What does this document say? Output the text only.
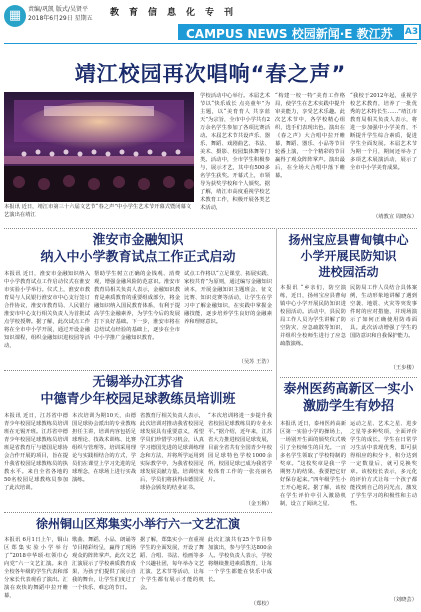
▦	责编/巩凯 版式/吴贤平
2018年6月29日 星期五
教育信息化专刊
CAMPUS NEWS 校园新闻·E 教江苏 A3
靖江校园再次唱响“春之声”
本报讯 近日，靖江市第三十六届文艺节“春之声”中小学生艺术节开幕式暨闭幕文艺演出在靖江
学校活动中心举行。本届艺术节以“快乐成长 点亮童年”为主题，以“美育育人 共享蓝天”为宗旨，全市中小学共有2万余名学生参加了各项比赛活动。本届艺术节共设声乐、器乐、舞蹈、戏剧曲艺、书法、美术、摄影、校园集体舞等门类。活动中，全市学生积极参与，展示才艺，其中有500多名学生获奖。开幕式上，市领导为获奖学校和个人颁奖。据了解，靖江市高度重视学校艺术教育工作，积极开展各类艺术活动，
“构建一校一特”美育工作格局，使学生在艺术实践中提升审美能力，享受艺术乐趣。此次艺术节中，各学校精心组织，选手们表现出色。演出在《春之声》大合唱中拉开帷幕，舞蹈、器乐、小品等节目轮番上演，一个个精彩的节目赢得了观众阵阵掌声。演出最后，在全场大合唱中落下帷幕。
“我校于2012年起，重视学校艺术教育，培养了一批优秀的艺术特长生……”靖江市教育局相关负责人表示，将进一步加强中小学美育，不断提升学生综合素质，促进学生全面发展。本届艺术节为期一个月，期间还举办了多项艺术展演活动，展示了全市中小学美育成果。
（靖教宣 周晓东）
淮安市金融知识
纳入中小学教育试点工作正式启动
本报讯 近日，淮安市金融知识纳入中小学教育试点工作启动仪式在淮安市实验小学举行。仪式上，淮安市教育局与人民银行淮安市中心支行签订合作协议，淮安市教育局、人民银行淮安市中心支行相关负责人为首批试点学校授牌。据了解，此次试点工作将在全市中小学开展，通过开设金融知识课程，组织金融知识进校园等活动，
帮助学生树立正确的金钱观、消费观，增强金融风险防范意识。淮安市教育局相关负责人表示，金融知识教育是素质教育的重要组成部分，将金融知识纳入国民教育体系，有利于提高学生金融素养，为学生今后的发展打下良好基础。下一步，淮安市将在总结试点经验的基础上，逐步在全市中小学推广金融知识教育。
试点工作将以“立足课堂、拓展实践、家校共育”为原则，通过编写金融知识读本，开展金融知识主题班会、征文比赛、知识竞赛等活动，让学生在学习中了解金融知识，在实践中掌握金融技能，逐步培养学生良好的金融素养和理财意识。
（吴苏 王浩）
扬州宝应县曹甸镇中心
小学开展民防知识
进校园活动
本报讯 “乡亲们，防空演练，近日，扬州宝应县曹甸镇中心小学开展民防知识进校园活动。活动中，县民防局工作人员为学生讲解了防空防灾、应急疏散等知识，并组织全校师生进行了应急疏散演练。
民防局工作人员结合具体案例，生动形象地讲解了遇到空袭、地震、火灾等突发事件时的应对措施，并现场演示了如何正确使用防毒面具。此次活动增强了学生的国防意识和自我保护能力。
（王步楼）
无锡举办江苏省
中德青少年校园足球教练员培训班
本报讯 近日，江苏省中德青少年校园足球教练员培训班在无锡开班。江苏省中德青少年校园足球教练员培训班是省教育厅与德国足球协会合作开展的项目，旨在提升我省校园足球教练员的执教水平。来自全省各地的50名校园足球教练员参加了此次培训。
本次培训为期10天，由德国足球协会派出的专业教练担任主讲，培训内容包括足球理论、技战术训练、比赛组织与管理等。培训采用理论与实践相结合的方式，学员们在课堂上学习先进的足球理念，在球场上进行实战演练。
省教育厅相关负责人表示，此次培训对推动我省校园足球发展具有重要意义，希望学员们珍惜学习机会，认真学习德国先进的足球训练理念和方法，并将所学运用到实际教学中，为我省校园足球发展贡献力量。培训结束后，学员们将获得由德国足球协会颁发的结业证书。
“本次培训将进一步提升我省校园足球教练员的专业水平。”据介绍，近年来，江苏省大力推进校园足球发展，目前全省共有全国青少年校园足球特色学校1000余所，校园足球已成为我省学校体育工作的一张亮丽名片。
（金玉梅）
泰州医药高新区一实小
激励学生有妙招
本报讯 近日，泰州医药高新区第一实验小学的操场上，一场别开生面的颁奖仪式吸引了全校师生的目光。一百多名学生领取了学校特制的奖章。“这枚奖章是我一学期努力的结果，我要把它好好保存起来。”四年级学生小王开心地说。据了解，该校在学生评价中引入激励机制，设立了阅读之星、
运动之星、艺术之星、进步之星等多种奖项，全面评价学生的成长。学生在日常学习生活中表现优秀，即可获得相应的积分卡，积分达到一定数量后，就可兑换奖章。该校校长表示，多元化的评价方式让每一个孩子都能找到自己的闪光点，激发了学生学习的积极性和主动性。
（刘晓芸）
徐州铜山区郑集实小举行六一文艺汇演
本报讯 6月1日上午，铜山区郑集实验小学举行了“2018中华颂·红领巾心向党”六一文艺汇演。来自全校各年级的学生代表和部分家长代表观看了演出。汇演在欢快的舞蹈中拉开帷幕，
歌曲、舞蹈、小品、朗诵等节目精彩纷呈，赢得了现场观众的阵阵掌声。此次文艺汇演展示了学校素质教育成果，为孩子们提供了展示自我的舞台，让学生们度过了一个快乐、难忘的节日。
据了解，郑集实小一直重视学生的全面发展，开设了舞蹈、合唱、书法、绘画等多个兴趣社团，每年举办文艺汇演、艺术节等活动，让每个学生都有展示才能的机会。
此次汇演共有25个节目参加演出，参与学生达800余人。学校负责人表示，学校将继续推进素质教育，让每一个学生都能在快乐中成长。
（郑校）
